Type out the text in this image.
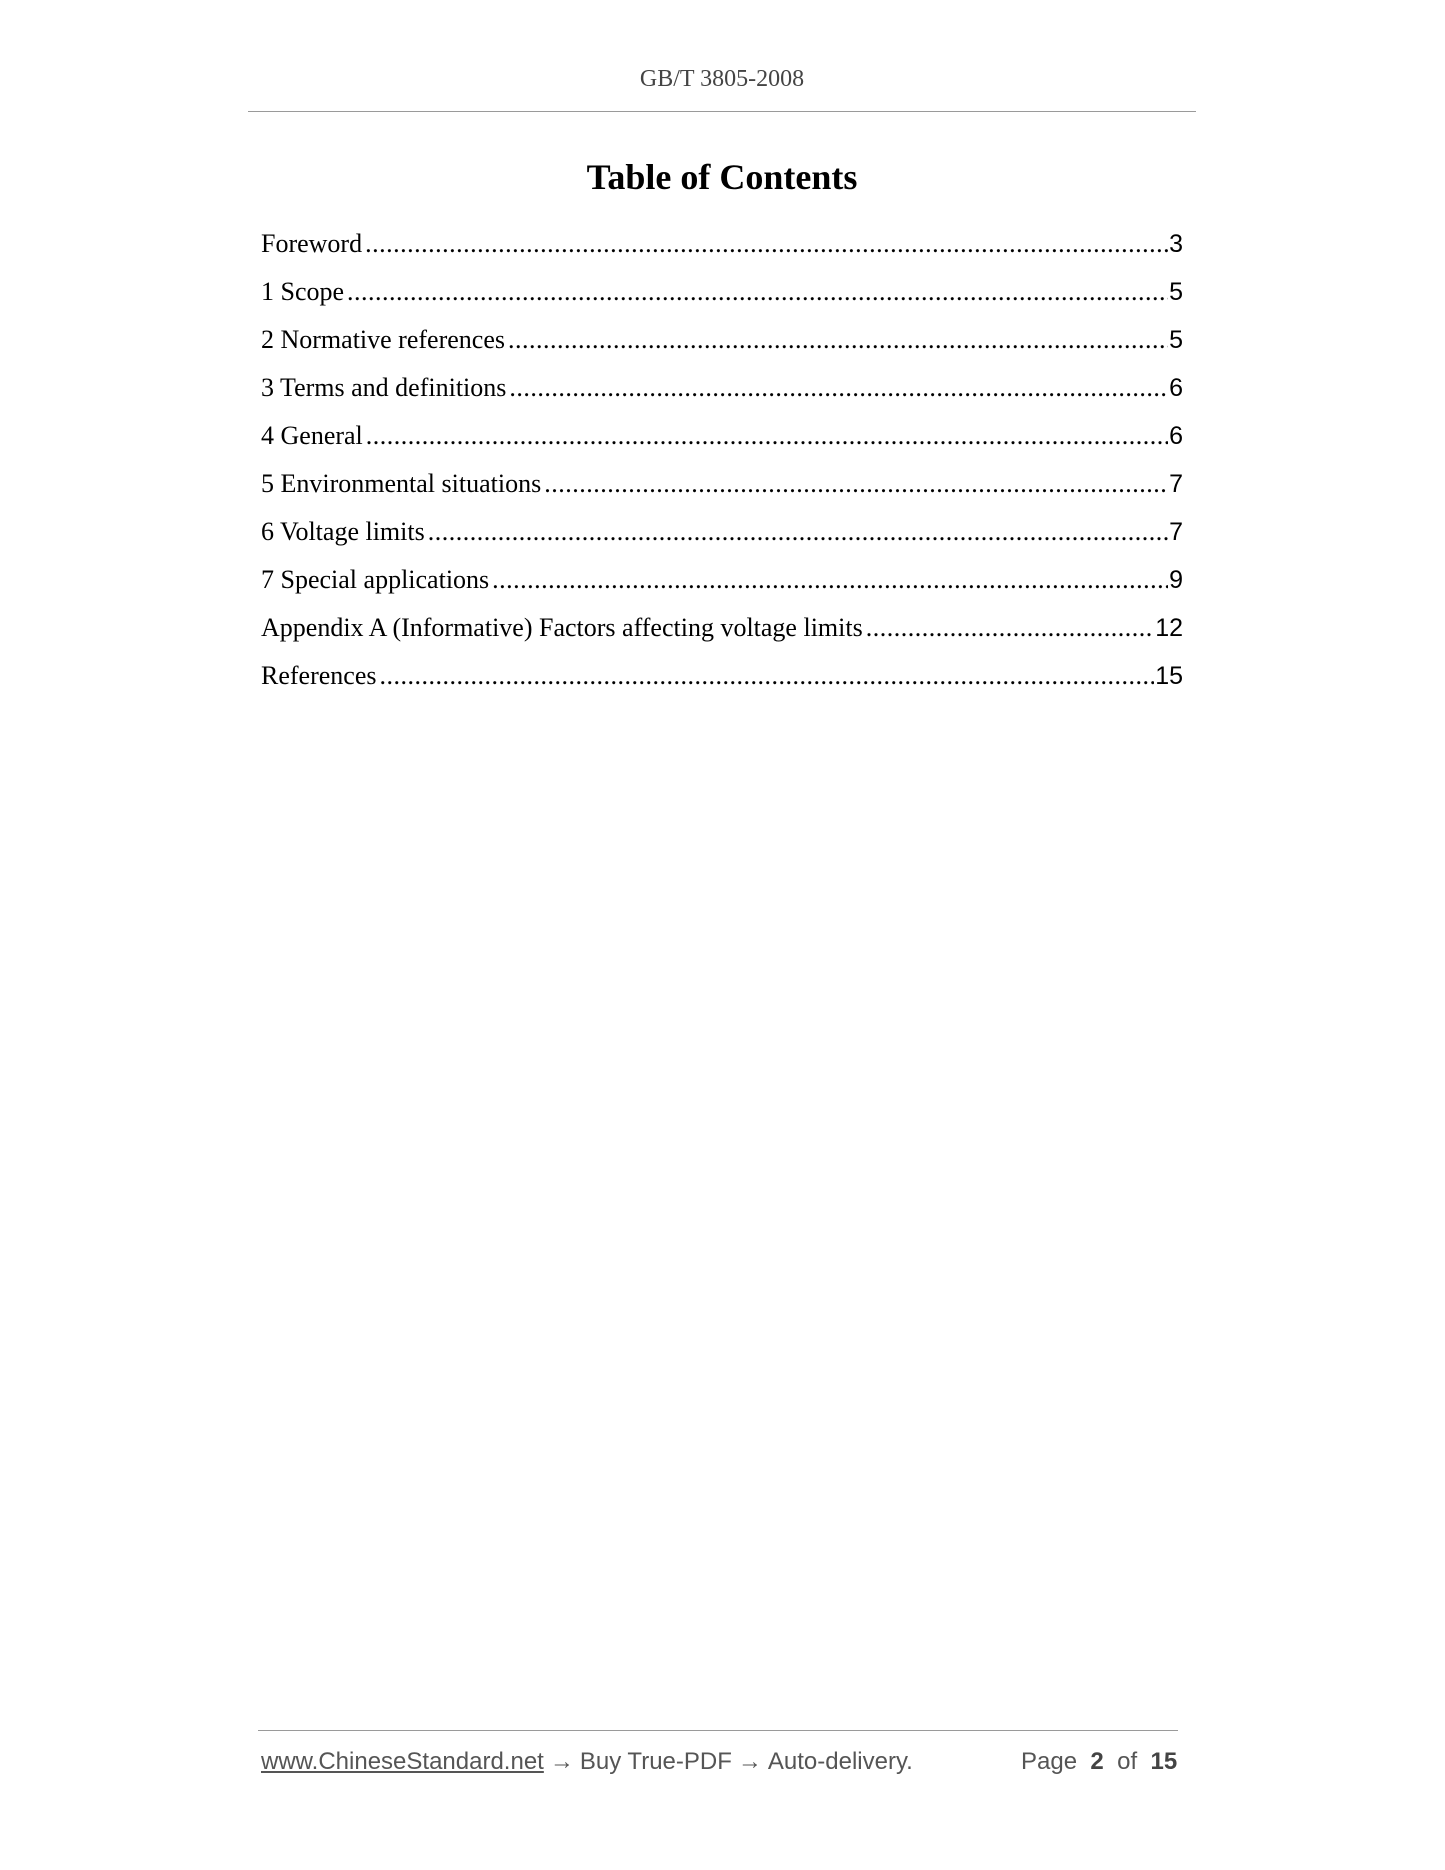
GB/T 3805-2008
Table of Contents
Foreword .....	3
1 Scope .....	5
2 Normative references .....	5
3 Terms and definitions .....	6
4 General .....	6
5 Environmental situations .....	7
6 Voltage limits .....	7
7 Special applications .....	9
Appendix A (Informative) Factors affecting voltage limits .....	12
References .....	15
www.ChineseStandard.net → Buy True-PDF → Auto-delivery.	Page 2 of 15
